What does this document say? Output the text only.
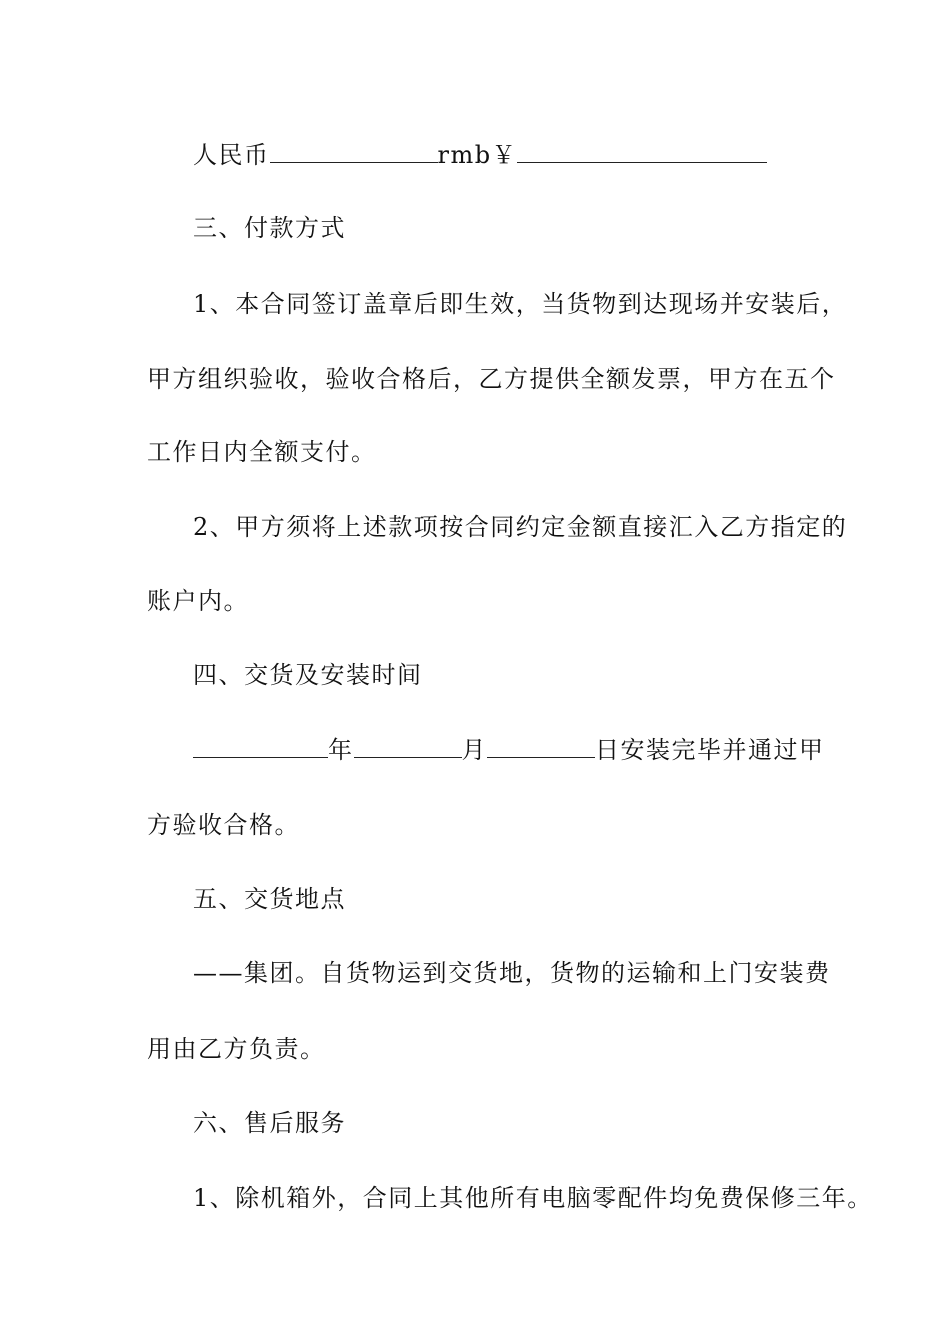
人民币	rmb￥
三、付款方式
1、本合同签订盖章后即生效，当货物到达现场并安装后，
甲方组织验收，验收合格后，乙方提供全额发票，甲方在五个
工作日内全额支付。
2、甲方须将上述款项按合同约定金额直接汇入乙方指定的
账户内。
四、交货及安装时间
年	月	日安装完毕并通过甲
方验收合格。
五、交货地点
——集团。自货物运到交货地，货物的运输和上门安装费
用由乙方负责。
六、售后服务
1、除机箱外，合同上其他所有电脑零配件均免费保修三年。
